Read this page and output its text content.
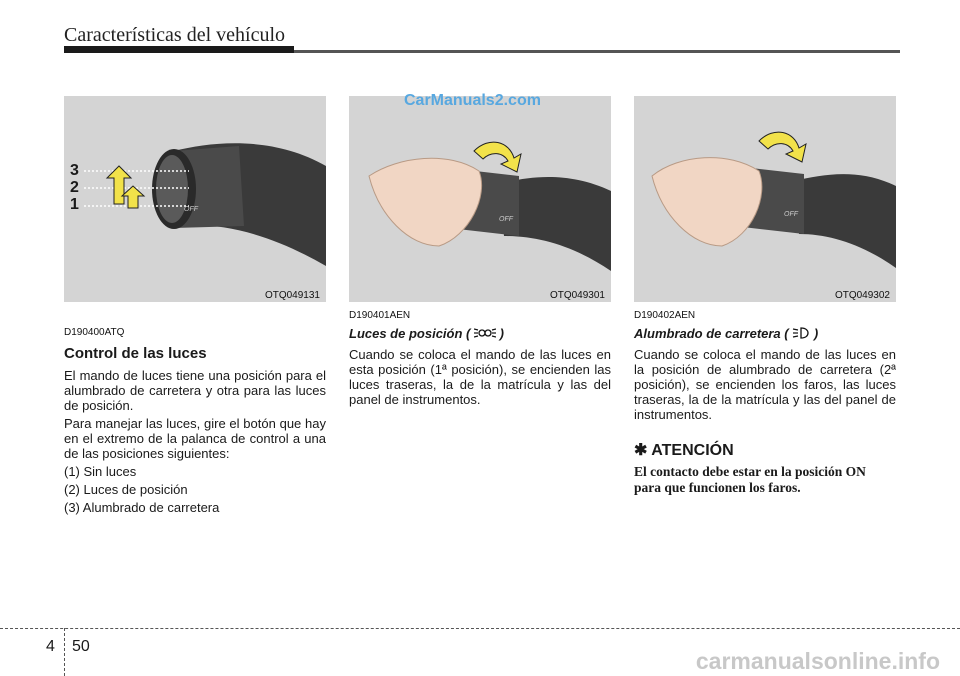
Características del vehículo
OFF
3
2
1
OTQ049131
OFF
OTQ049301
CarManuals2.com
OFF
OTQ049302
D190400ATQ
Control de las luces

El mando de luces tiene una posición para el alumbrado de carretera y otra para las luces de posición.

Para manejar las luces, gire el botón que hay en el extremo de la palanca de control a una de las posiciones siguientes:

(1) Sin luces
(2) Luces de posición
(3) Alumbrado de carretera
D190401AEN
Luces de posición ( )

Cuando se coloca el mando de las luces en esta posición (1ª posición), se encienden las luces traseras, la de la matrícula y las del panel de instrumentos.

D190402AEN
Alumbrado de carretera ( )

Cuando se coloca el mando de las luces en la posición de alumbrado de carretera (2ª posición), se encienden los faros, las luces traseras, la de la matrícula y las del panel de instrumentos.

✱ ATENCIÓN
El contacto debe estar en la posición ON para que funcionen los faros.
4 50
carmanualsonline.info
